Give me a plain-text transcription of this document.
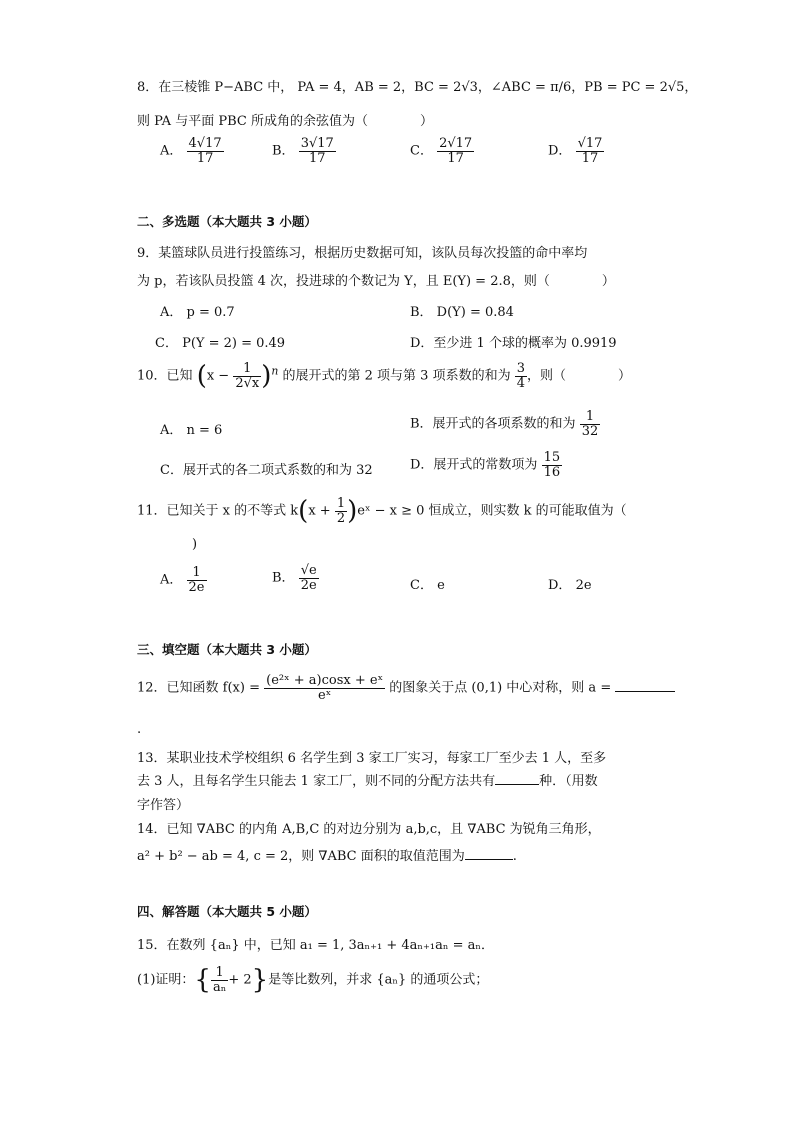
8．在三棱锥 P−ABC 中， PA = 4，AB = 2，BC = 2√3，∠ABC = π/6，PB = PC = 2√5，
则 PA 与平面 PBC 所成角的余弦值为（　　　　）
A． $\frac{4√17}{17}$	B． $\frac{3√17}{17}$	C． $\frac{2√17}{17}$	D． $\frac{√17}{17}$
二、多选题（本大题共 3 小题）
9．某篮球队员进行投篮练习，根据历史数据可知，该队员每次投篮的命中率均
为 p，若该队员投篮 4 次，投进球的个数记为 Y，且 E(Y) = 2.8，则（　　　　）
A． p = 0.7	B． D(Y) = 0.84
C． P(Y = 2) = 0.49	D．至少进 1 个球的概率为 0.9919
10．已知 $(x - \frac{1}{2√x} )^n$ 的展开式的第 2 项与第 3 项系数的和为 $\frac{3}{4}$ ，则（　　　　）
A． n = 6	B．展开式的各项系数的和为 $\frac{1}{32}$
C．展开式的各二项式系数的和为 32	D．展开式的常数项为 $\frac{15}{16}$
11．已知关于 x 的不等式 $k(x + \frac{1}{2}$ )eˣ − x ≥ 0 恒成立，则实数 k 的可能取值为（
)
A． $\frac{1}{2e}$	B． $\frac{√e}{2e}$	C． e	D． 2e
三、填空题（本大题共 3 小题）
12．已知函数 $f(x) = \frac{\text{(e²ˣ + a)cosx + eˣ}}{\text{eˣ}}$ 的图象关于点 (0,1) 中心对称，则 a =
.
13．某职业技术学校组织 6 名学生到 3 家工厂实习，每家工厂至少去 1 人，至多
去 3 人，且每名学生只能去 1 家工厂，则不同的分配方法共有	种．（用数
字作答）
14．已知 ∇ABC 的内角 A,B,C 的对边分别为 a,b,c，且 ∇ABC 为锐角三角形，
a² + b² − ab = 4, c = 2，则 ∇ABC 面积的取值范围为	.
四、解答题（本大题共 5 小题）
15．在数列 {aₙ} 中，已知 a₁ = 1, 3aₙ₊₁ + 4aₙ₊₁aₙ = aₙ．
(1)证明：{ $\frac{1}{\text{aₙ}} + 2$}是等比数列，并求 {aₙ} 的通项公式；
